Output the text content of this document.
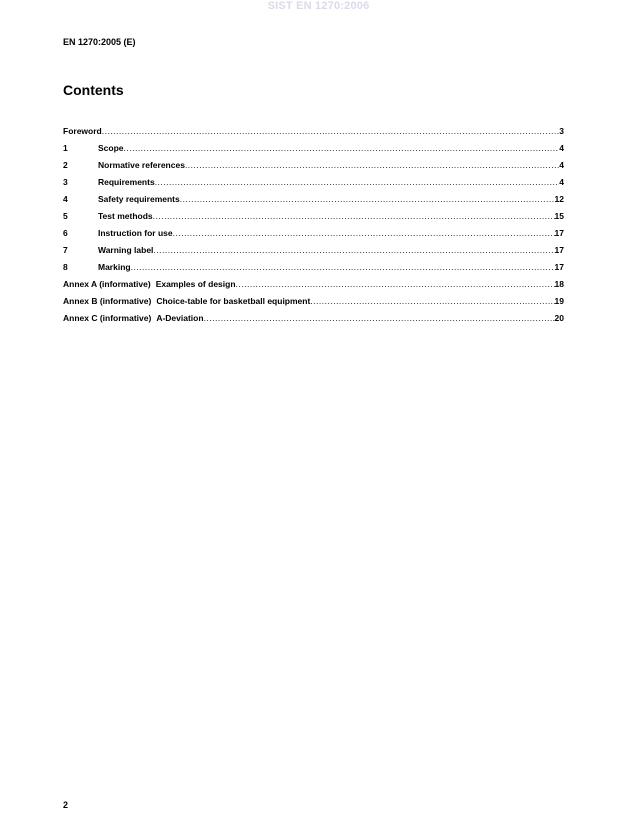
SIST EN 1270:2006
EN 1270:2005 (E)
Contents
Foreword .....	3
1	Scope .....	4
2	Normative references .....	4
3	Requirements .....	4
4	Safety requirements .....	12
5	Test methods .....	15
6	Instruction for use .....	17
7	Warning label .....	17
8	Marking .....	17
Annex A (informative) Examples of design .....	18
Annex B (informative) Choice-table for basketball equipment .....	19
Annex C (informative) A-Deviation .....	20
2
